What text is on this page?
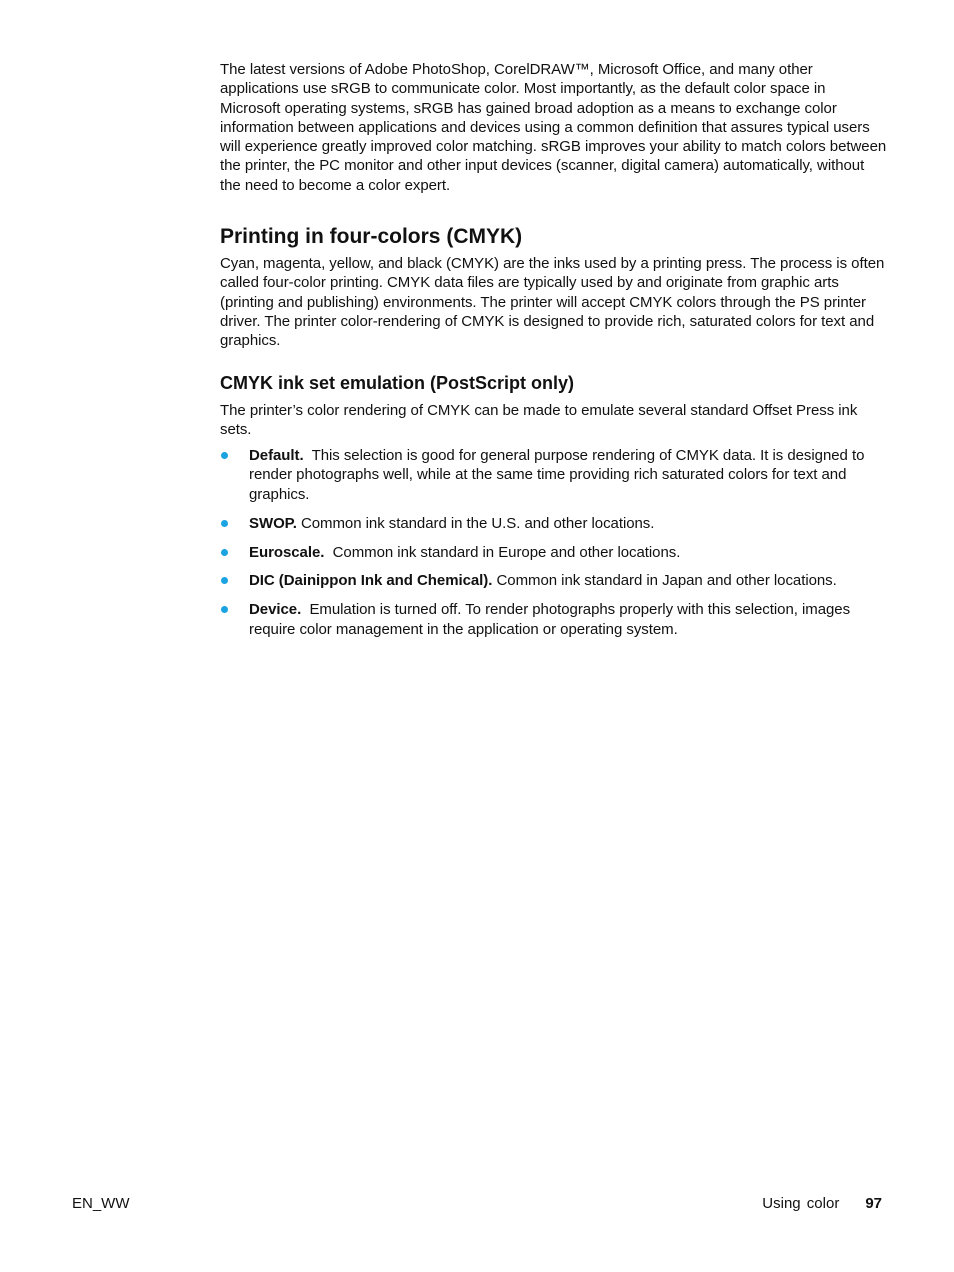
The latest versions of Adobe PhotoShop, CorelDRAW™, Microsoft Office, and many other applications use sRGB to communicate color. Most importantly, as the default color space in Microsoft operating systems, sRGB has gained broad adoption as a means to exchange color information between applications and devices using a common definition that assures typical users will experience greatly improved color matching. sRGB improves your ability to match colors between the printer, the PC monitor and other input devices (scanner, digital camera) automatically, without the need to become a color expert.

Printing in four-colors (CMYK)

Cyan, magenta, yellow, and black (CMYK) are the inks used by a printing press. The process is often called four-color printing. CMYK data files are typically used by and originate from graphic arts (printing and publishing) environments. The printer will accept CMYK colors through the PS printer driver. The printer color-rendering of CMYK is designed to provide rich, saturated colors for text and graphics.

CMYK ink set emulation (PostScript only)

The printer’s color rendering of CMYK can be made to emulate several standard Offset Press ink sets.

Default. This selection is good for general purpose rendering of CMYK data. It is designed to render photographs well, while at the same time providing rich saturated colors for text and graphics.
SWOP. Common ink standard in the U.S. and other locations.
Euroscale. Common ink standard in Europe and other locations.
DIC (Dainippon Ink and Chemical). Common ink standard in Japan and other locations.
Device. Emulation is turned off. To render photographs properly with this selection, images require color management in the application or operating system.
EN_WW	Using color 97
